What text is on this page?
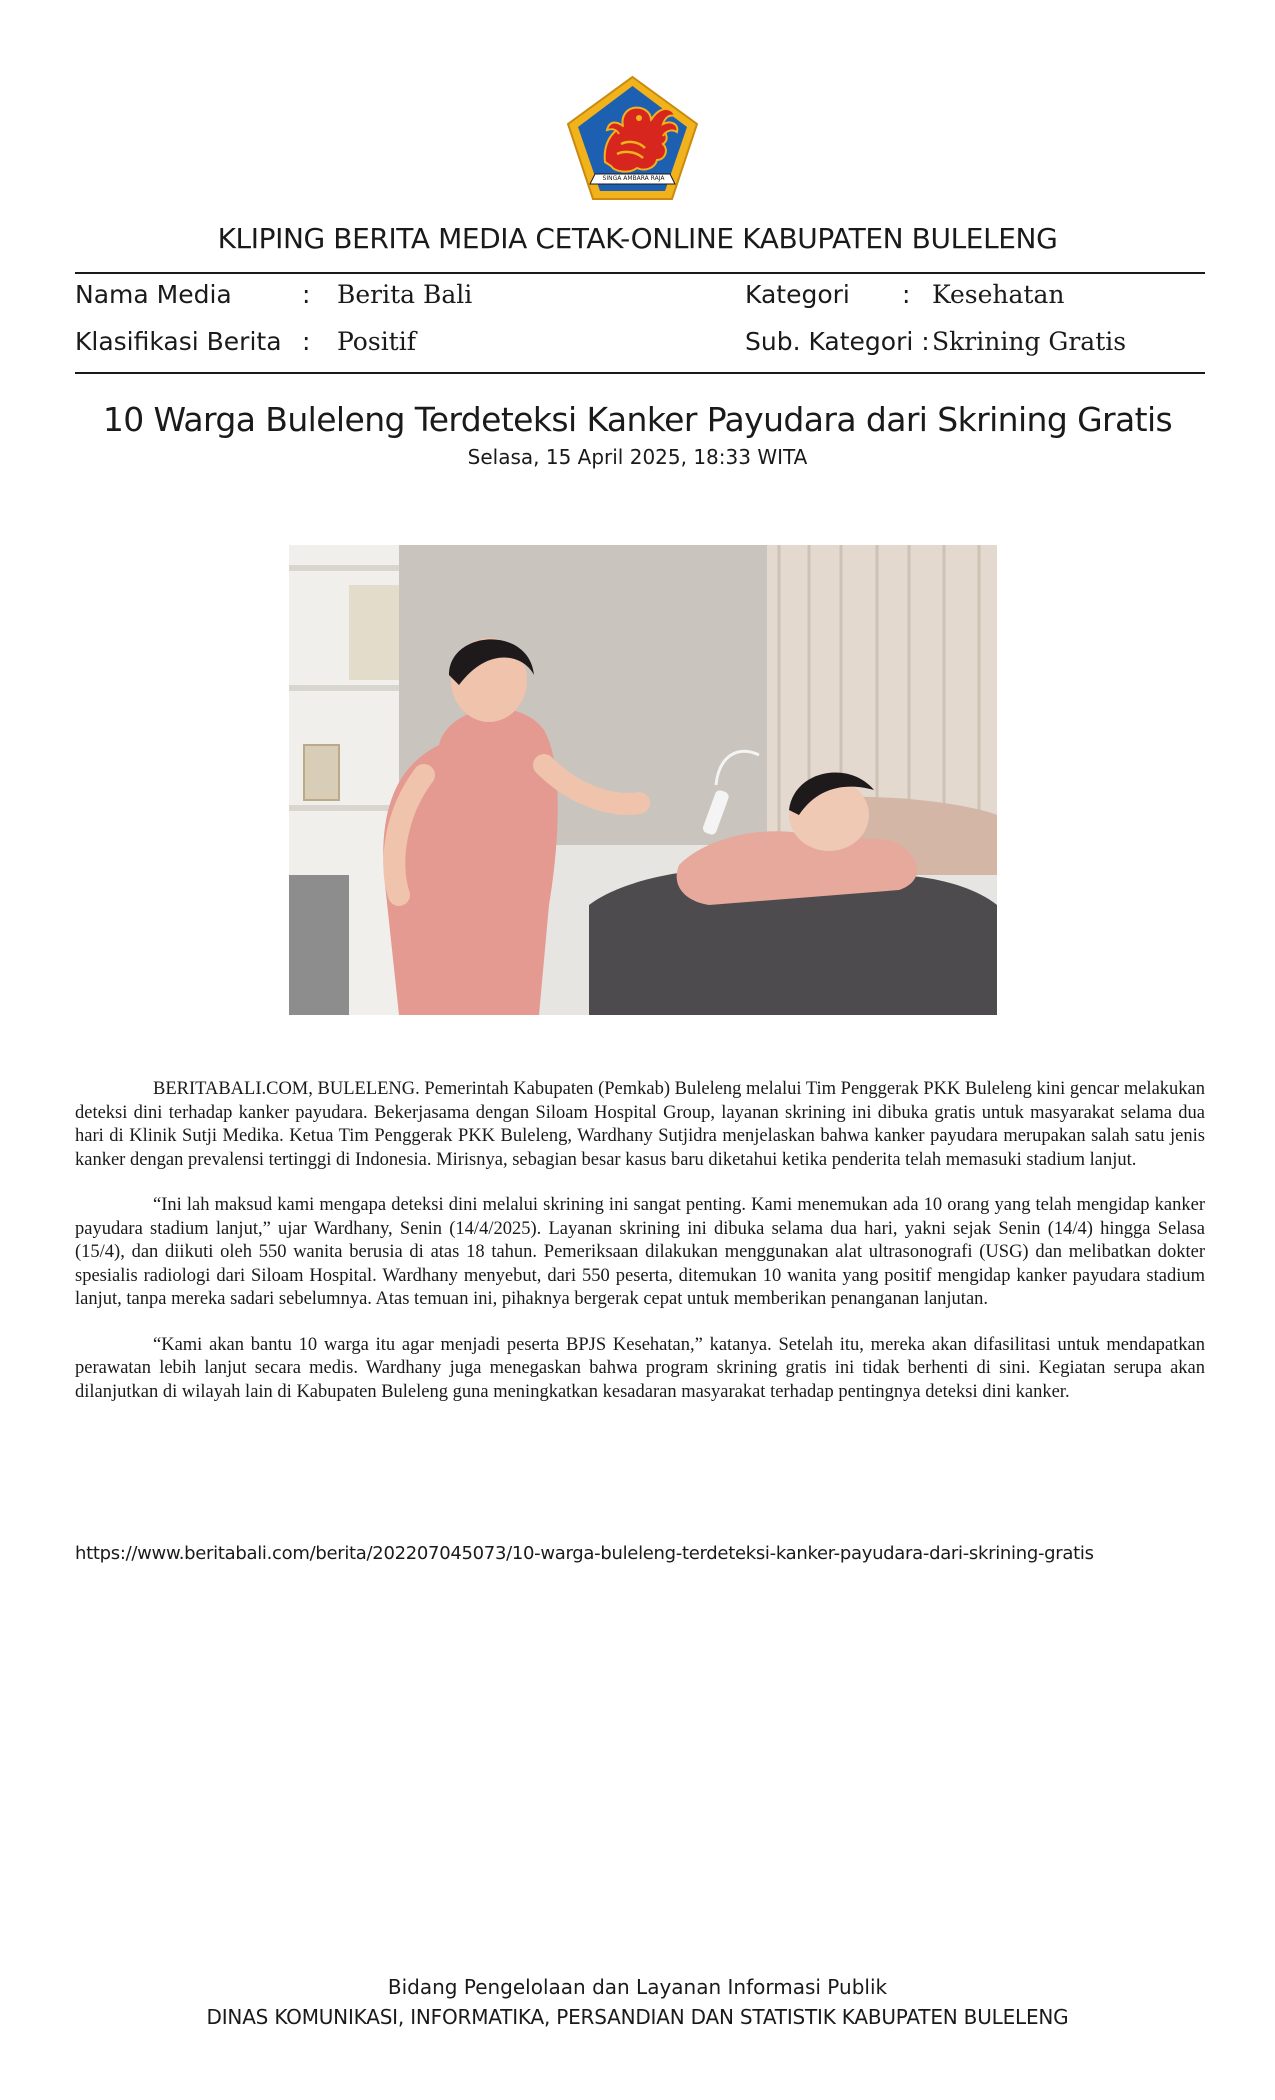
SINGA AMBARA RAJA
KLIPING BERITA MEDIA CETAK-ONLINE KABUPATEN BULELENG
Nama Media	: Berita Bali	Kategori : Kesehatan
Klasifikasi Berita : Positif	Sub. Kategori : Skrining Gratis
10 Warga Buleleng Terdeteksi Kanker Payudara dari Skrining Gratis
Selasa, 15 April 2025, 18:33 WITA

BERITABALI.COM, BULELENG. Pemerintah Kabupaten (Pemkab) Buleleng melalui Tim Penggerak PKK Buleleng kini gencar melakukan deteksi dini terhadap kanker payudara. Bekerjasama dengan Siloam Hospital Group, layanan skrining ini dibuka gratis untuk masyarakat selama dua hari di Klinik Sutji Medika. Ketua Tim Penggerak PKK Buleleng, Wardhany Sutjidra menjelaskan bahwa kanker payudara merupakan salah satu jenis kanker dengan prevalensi tertinggi di Indonesia. Mirisnya, sebagian besar kasus baru diketahui ketika penderita telah memasuki stadium lanjut.

“Ini lah maksud kami mengapa deteksi dini melalui skrining ini sangat penting. Kami menemukan ada 10 orang yang telah mengidap kanker payudara stadium lanjut,” ujar Wardhany, Senin (14/4/2025). Layanan skrining ini dibuka selama dua hari, yakni sejak Senin (14/4) hingga Selasa (15/4), dan diikuti oleh 550 wanita berusia di atas 18 tahun. Pemeriksaan dilakukan menggunakan alat ultrasonografi (USG) dan melibatkan dokter spesialis radiologi dari Siloam Hospital. Wardhany menyebut, dari 550 peserta, ditemukan 10 wanita yang positif mengidap kanker payudara stadium lanjut, tanpa mereka sadari sebelumnya. Atas temuan ini, pihaknya bergerak cepat untuk memberikan penanganan lanjutan.

“Kami akan bantu 10 warga itu agar menjadi peserta BPJS Kesehatan,” katanya. Setelah itu, mereka akan difasilitasi untuk mendapatkan perawatan lebih lanjut secara medis. Wardhany juga menegaskan bahwa program skrining gratis ini tidak berhenti di sini. Kegiatan serupa akan dilanjutkan di wilayah lain di Kabupaten Buleleng guna meningkatkan kesadaran masyarakat terhadap pentingnya deteksi dini kanker.

https://www.beritabali.com/berita/202207045073/10-warga-buleleng-terdeteksi-kanker-payudara-dari-skrining-gratis
Bidang Pengelolaan dan Layanan Informasi Publik
DINAS KOMUNIKASI, INFORMATIKA, PERSANDIAN DAN STATISTIK KABUPATEN BULELENG
